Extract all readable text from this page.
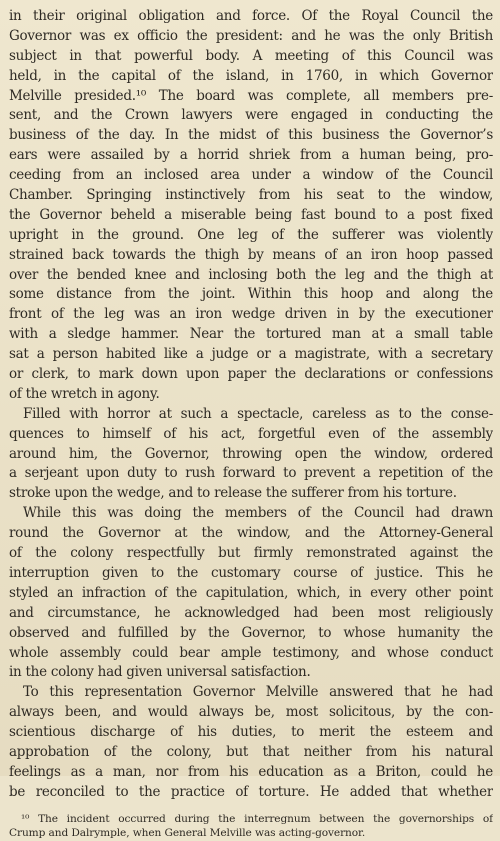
in their original obligation and force. Of the Royal Council the
Governor was ex officio the president: and he was the only British
subject in that powerful body. A meeting of this Council was
held, in the capital of the island, in 1760, in which Governor
Melville presided.¹⁰ The board was complete, all members pre-
sent, and the Crown lawyers were engaged in conducting the
business of the day. In the midst of this business the Governor’s
ears were assailed by a horrid shriek from a human being, pro-
ceeding from an inclosed area under a window of the Council
Chamber. Springing instinctively from his seat to the window,
the Governor beheld a miserable being fast bound to a post fixed
upright in the ground. One leg of the sufferer was violently
strained back towards the thigh by means of an iron hoop passed
over the bended knee and inclosing both the leg and the thigh at
some distance from the joint. Within this hoop and along the
front of the leg was an iron wedge driven in by the executioner
with a sledge hammer. Near the tortured man at a small table
sat a person habited like a judge or a magistrate, with a secretary
or clerk, to mark down upon paper the declarations or confessions
of the wretch in agony.
Filled with horror at such a spectacle, careless as to the conse-
quences to himself of his act, forgetful even of the assembly
around him, the Governor, throwing open the window, ordered
a serjeant upon duty to rush forward to prevent a repetition of the
stroke upon the wedge, and to release the sufferer from his torture.
While this was doing the members of the Council had drawn
round the Governor at the window, and the Attorney-General
of the colony respectfully but firmly remonstrated against the
interruption given to the customary course of justice. This he
styled an infraction of the capitulation, which, in every other point
and circumstance, he acknowledged had been most religiously
observed and fulfilled by the Governor, to whose humanity the
whole assembly could bear ample testimony, and whose conduct
in the colony had given universal satisfaction.
To this representation Governor Melville answered that he had
always been, and would always be, most solicitous, by the con-
scientious discharge of his duties, to merit the esteem and
approbation of the colony, but that neither from his natural
feelings as a man, nor from his education as a Briton, could he
be reconciled to the practice of torture. He added that whether
¹⁰ The incident occurred during the interregnum between the governorships of
Crump and Dalrymple, when General Melville was acting-governor.
